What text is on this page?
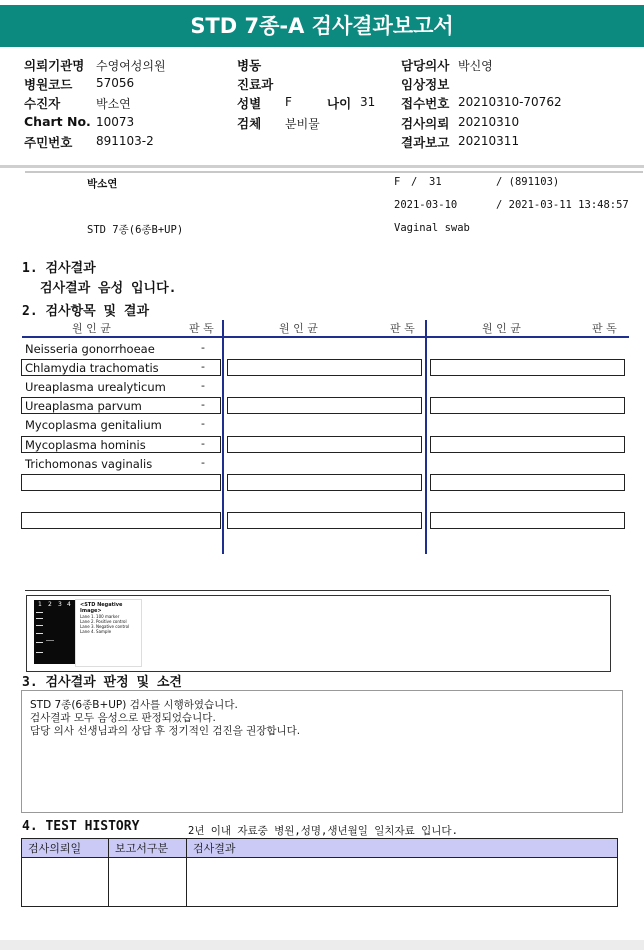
STD 7종-A 검사결과보고서
의뢰기관명 수영여성의원
병원코드 57056
수진자	박소연
Chart No. 10073
주민번호 891103-2
병동
진료과
성별 F	나이 31
검체 분비물
담당의사 박신영
임상정보
접수번호 20210310-70762
검사의뢰 20210310
결과보고 20210311
박소연	F / 31	/ (891103)
2021-03-10	/ 2021-03-11 13:48:57
STD 7종(6종B+UP)	Vaginal swab
1. 검사결과
검사결과 음성 입니다.
2. 검사항목 및 결과
원 인 균	판 독	원 인 균	판 독	원 인 균	판 독
Neisseria gonorrhoeae	-
Chlamydia trachomatis	-
Ureaplasma urealyticum	-
Ureaplasma parvum	-
Mycoplasma genitalium	-
Mycoplasma hominis	-
Trichomonas vaginalis	-
1 2 3 4 <STD Negative Image>
Lane 1. 100 marker
Lane 2. Positive control
Lane 3. Negative control
Lane 4. Sample
3. 검사결과 판정 및 소견
STD 7종(6종B+UP) 검사를 시행하였습니다.
검사결과 모두 음성으로 판정되었습니다.
담당 의사 선생님과의 상담 후 정기적인 검진을 권장합니다.
4. TEST HISTORY	2년 이내 자료중 병원,성명,생년월일 일치자료 입니다.
검사의뢰일	보고서구분	검사결과
